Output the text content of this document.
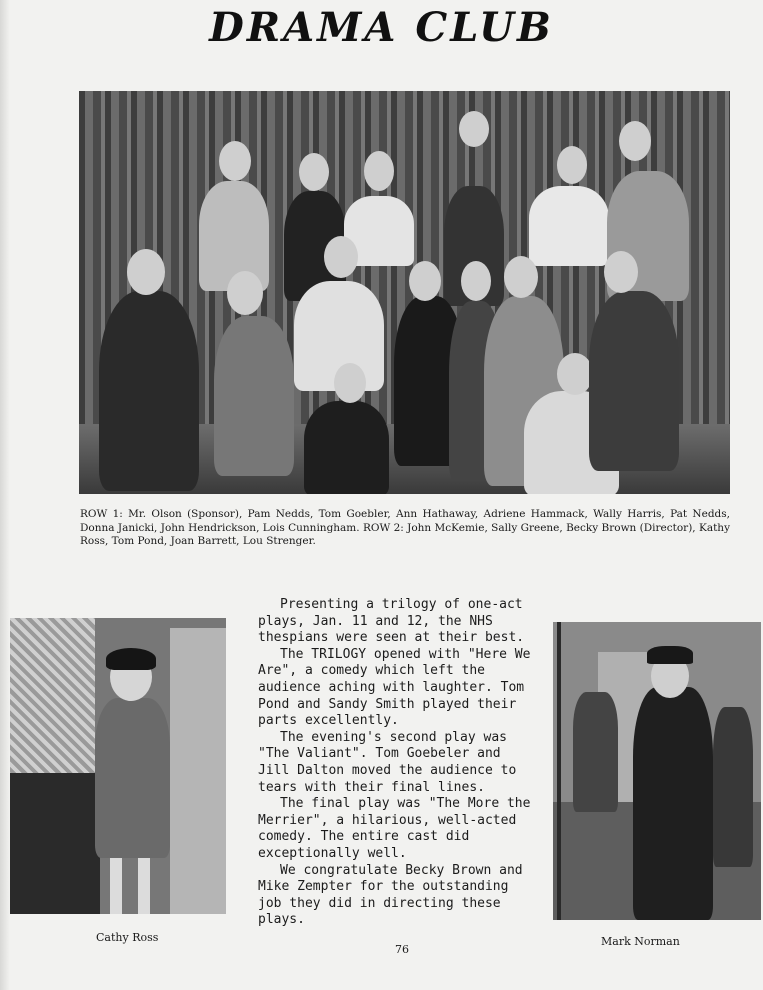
DRAMA CLUB
ROW 1: Mr. Olson (Sponsor), Pam Nedds, Tom Goebler, Ann Hathaway, Adriene Hammack, Wally Harris, Pat Nedds, Donna Janicki, John Hendrickson, Lois Cunningham. ROW 2: John McKemie, Sally Greene, Becky Brown (Director), Kathy Ross, Tom Pond, Joan Barrett, Lou Strenger.
Cathy Ross

Presenting a trilogy of one-act plays, Jan. 11 and 12, the NHS thespians were seen at their best.

The TRILOGY opened with "Here We Are", a comedy which left the audience aching with laughter. Tom Pond and Sandy Smith played their parts excellently.

The evening's second play was "The Valiant". Tom Goebeler and Jill Dalton moved the audience to tears with their final lines.

The final play was "The More the Merrier", a hilarious, well-acted comedy. The entire cast did exceptionally well.

We congratulate Becky Brown and Mike Zempter for the outstanding job they did in directing these plays.

Mark Norman
76
